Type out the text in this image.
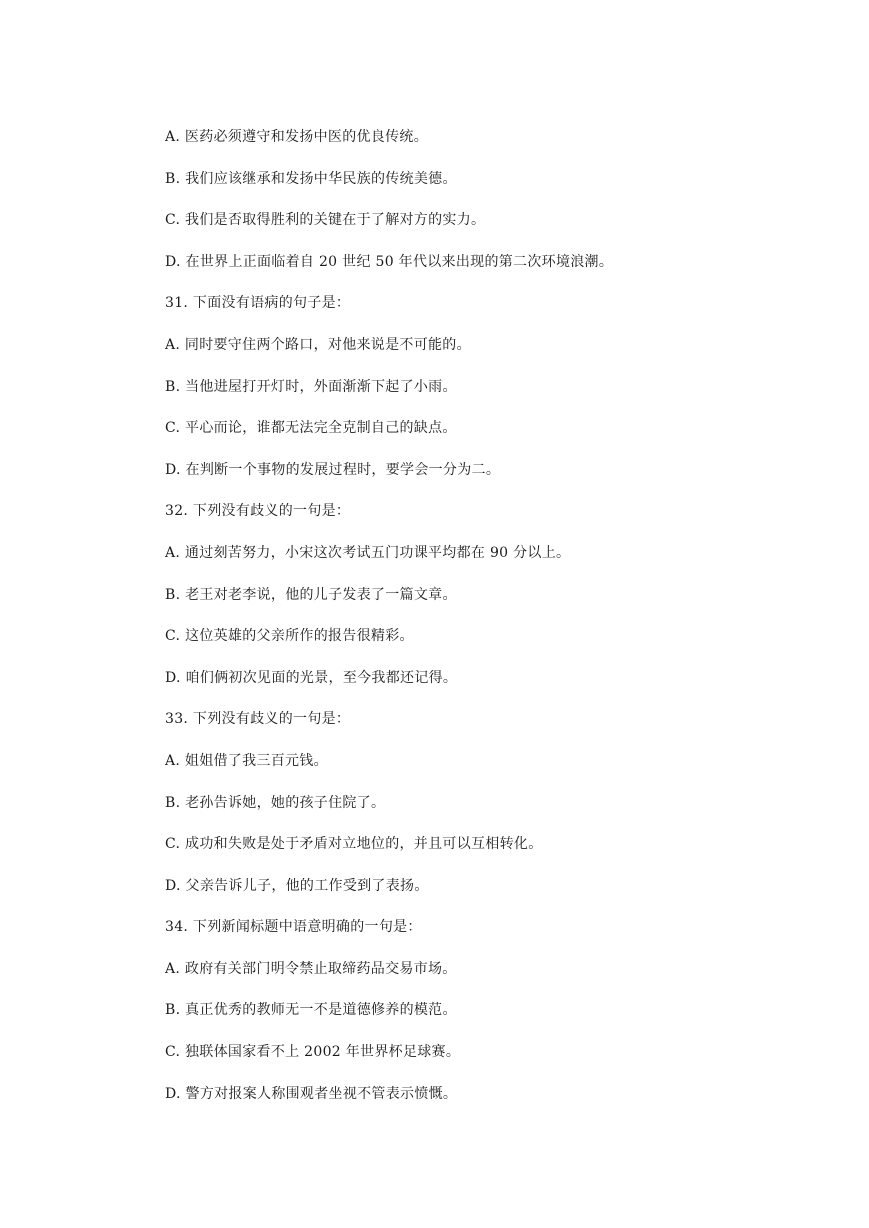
A. 医药必须遵守和发扬中医的优良传统。
B. 我们应该继承和发扬中华民族的传统美德。
C. 我们是否取得胜利的关键在于了解对方的实力。
D. 在世界上正面临着自 20 世纪 50 年代以来出现的第二次环境浪潮。
31. 下面没有语病的句子是：
A. 同时要守住两个路口，对他来说是不可能的。
B. 当他进屋打开灯时，外面渐渐下起了小雨。
C. 平心而论，谁都无法完全克制自己的缺点。
D. 在判断一个事物的发展过程时，要学会一分为二。
32. 下列没有歧义的一句是：
A. 通过刻苦努力，小宋这次考试五门功课平均都在 90 分以上。
B. 老王对老李说，他的儿子发表了一篇文章。
C. 这位英雄的父亲所作的报告很精彩。
D. 咱们俩初次见面的光景，至今我都还记得。
33. 下列没有歧义的一句是：
A. 姐姐借了我三百元钱。
B. 老孙告诉她，她的孩子住院了。
C. 成功和失败是处于矛盾对立地位的，并且可以互相转化。
D. 父亲告诉儿子，他的工作受到了表扬。
34. 下列新闻标题中语意明确的一句是：
A. 政府有关部门明令禁止取缔药品交易市场。
B. 真正优秀的教师无一不是道德修养的模范。
C. 独联体国家看不上 2002 年世界杯足球赛。
D. 警方对报案人称围观者坐视不管表示愤慨。
